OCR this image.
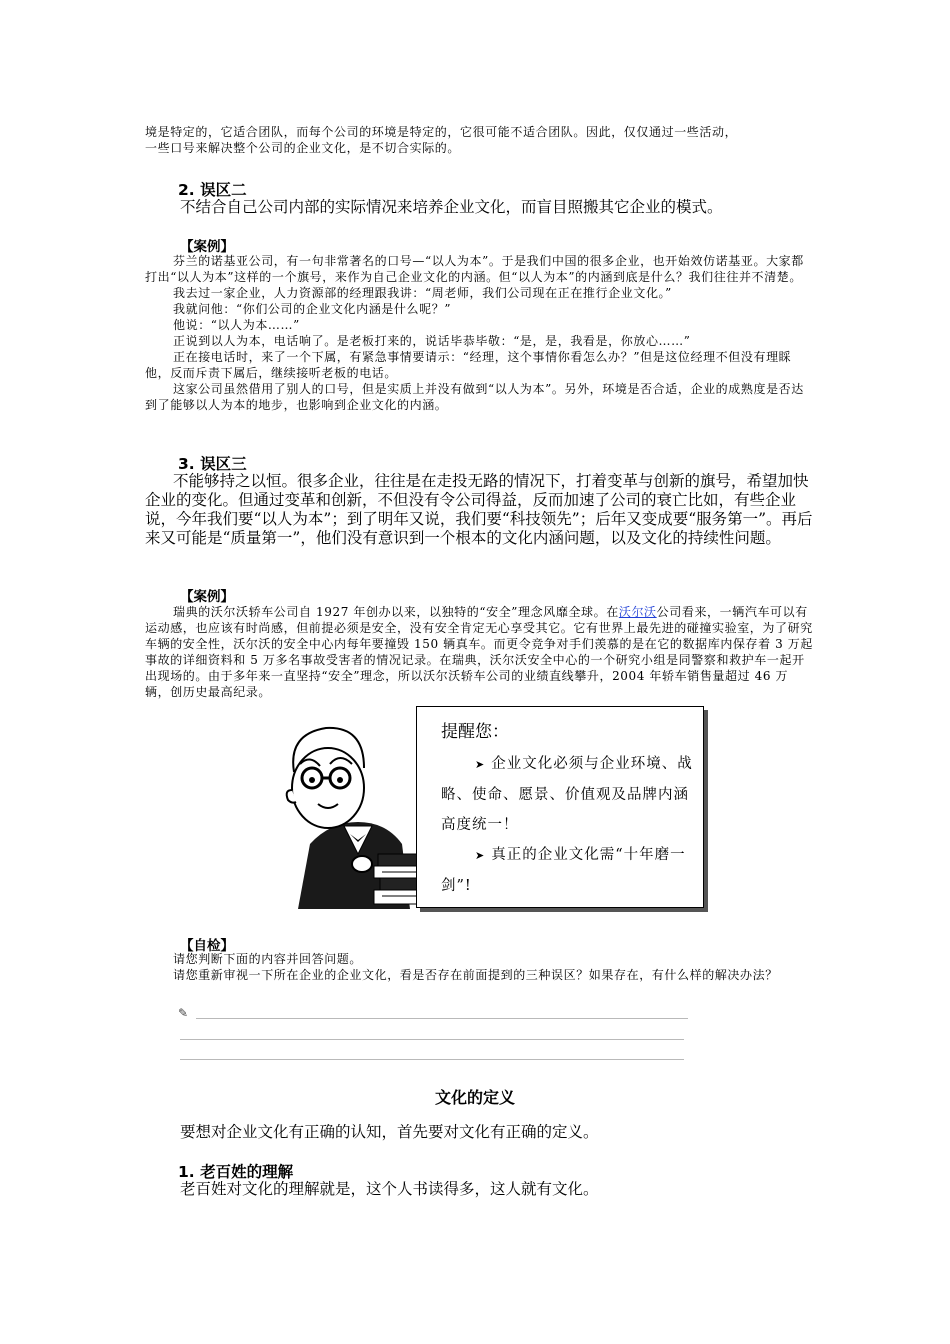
境是特定的，它适合团队，而每个公司的环境是特定的，它很可能不适合团队。因此，仅仅通过一些活动，
一些口号来解决整个公司的企业文化，是不切合实际的。

2. 误区二

不结合自己公司内部的实际情况来培养企业文化，而盲目照搬其它企业的模式。

【案例】
芬兰的诺基亚公司，有一句非常著名的口号—“以人为本”。于是我们中国的很多企业，也开始效仿诺基亚。大家都打出“以人为本”这样的一个旗号，来作为自己企业文化的内涵。但“以人为本”的内涵到底是什么？我们往往并不清楚。
我去过一家企业，人力资源部的经理跟我讲：“周老师，我们公司现在正在推行企业文化。”
我就问他：“你们公司的企业文化内涵是什么呢？”
他说：“以人为本……”
正说到以人为本，电话响了。是老板打来的，说话毕恭毕敬：“是，是，我看是，你放心……”
正在接电话时，来了一个下属，有紧急事情要请示：“经理，这个事情你看怎么办？”但是这位经理不但没有理睬他，反而斥责下属后，继续接听老板的电话。
这家公司虽然借用了别人的口号，但是实质上并没有做到“以人为本”。另外，环境是否合适，企业的成熟度是否达到了能够以人为本的地步，也影响到企业文化的内涵。
3. 误区三

不能够持之以恒。很多企业，往往是在走投无路的情况下，打着变革与创新的旗号，希望加快企业的变化。但通过变革和创新，不但没有令公司得益，反而加速了公司的衰亡比如，有些企业说，今年我们要“以人为本”；到了明年又说，我们要“科技领先”；后年又变成要“服务第一”。再后来又可能是“质量第一”，他们没有意识到一个根本的文化内涵问题，以及文化的持续性问题。

【案例】

瑞典的沃尔沃轿车公司自 1927 年创办以来，以独特的“安全”理念风靡全球。在沃尔沃公司看来，一辆汽车可以有运动感，也应该有时尚感，但前提必须是安全，没有安全肯定无心享受其它。它有世界上最先进的碰撞实验室，为了研究车辆的安全性，沃尔沃的安全中心内每年要撞毁 150 辆真车。而更令竞争对手们羡慕的是在它的数据库内保存着 3 万起事故的详细资料和 5 万多名事故受害者的情况记录。在瑞典，沃尔沃安全中心的一个研究小组是同警察和救护车一起开出现场的。由于多年来一直坚持“安全”理念，所以沃尔沃轿车公司的业绩直线攀升，2004 年轿车销售量超过 46 万辆，创历史最高纪录。

提醒您：
➤ 企业文化必须与企业环境、战略、使命、愿景、价值观及品牌内涵高度统一！
➤ 真正的企业文化需“十年磨一剑”!
【自检】
请您判断下面的内容并回答问题。
请您重新审视一下所在企业的企业文化，看是否存在前面提到的三种误区？如果存在，有什么样的解决办法？
✎
文化的定义

要想对企业文化有正确的认知，首先要对文化有正确的定义。

1. 老百姓的理解

老百姓对文化的理解就是，这个人书读得多，这人就有文化。
